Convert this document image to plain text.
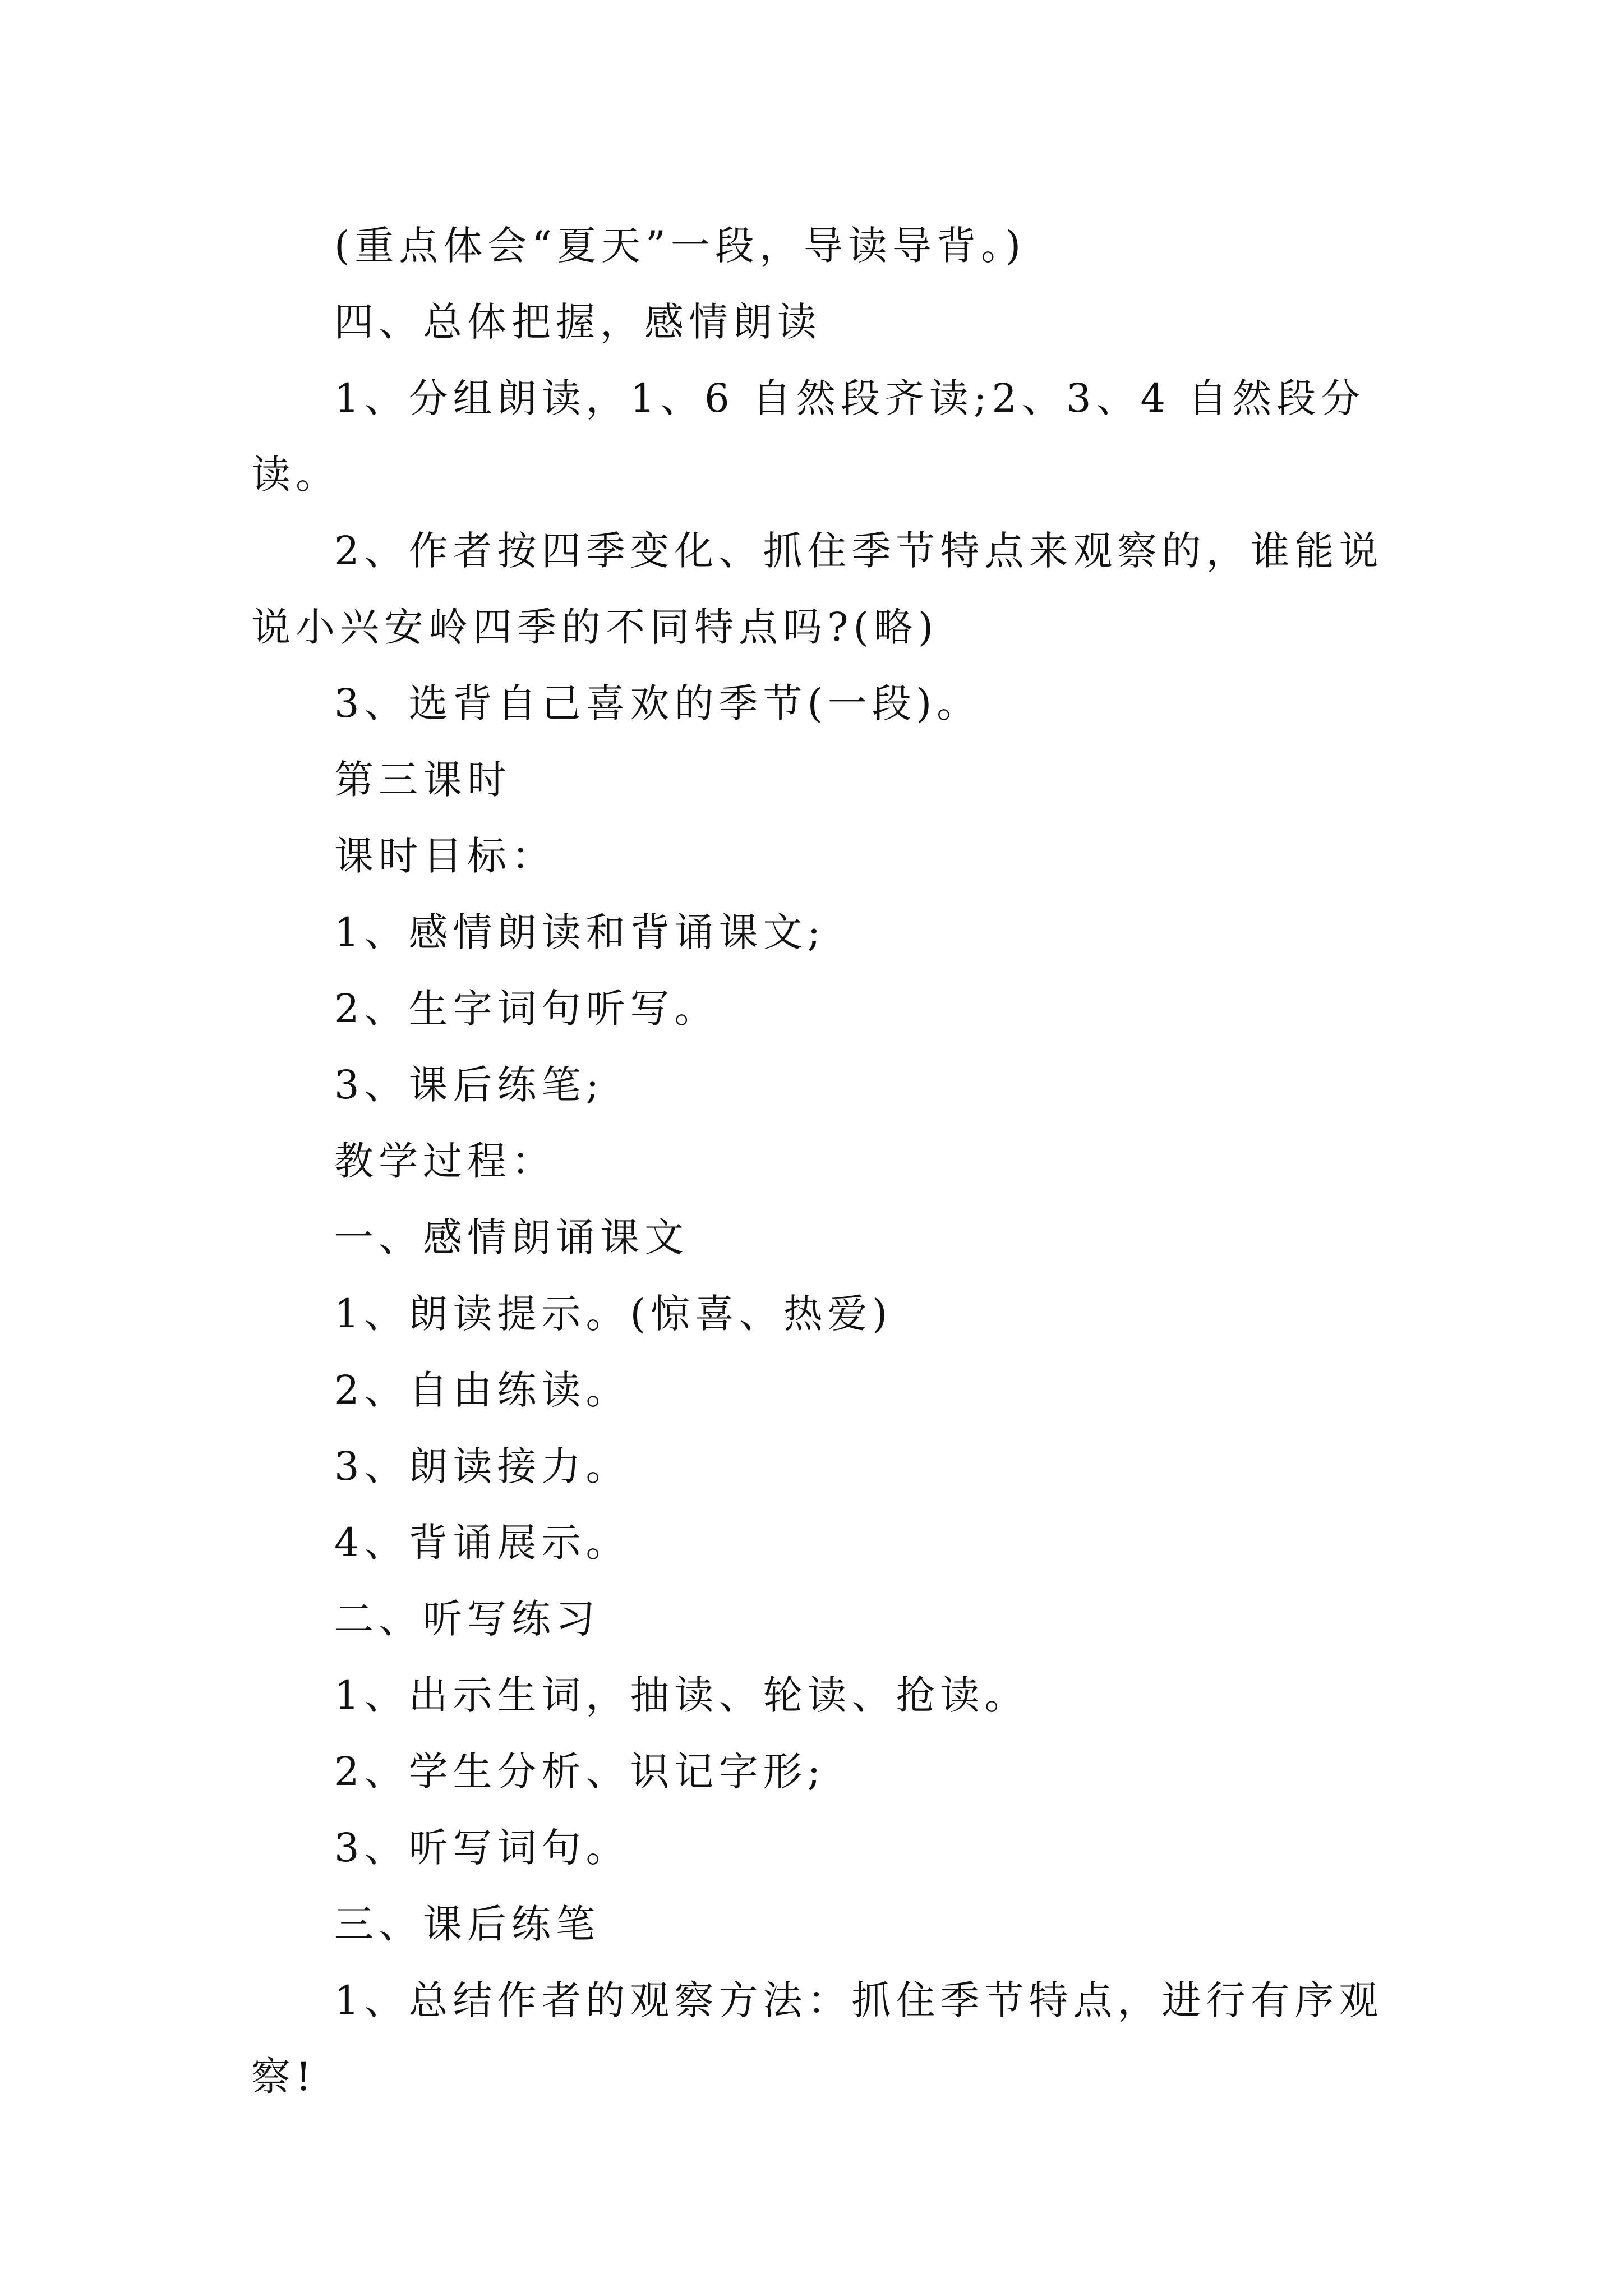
(重点体会“夏天”一段，导读导背。)

四、总体把握，感情朗读

1、分组朗读，1、6 自然段齐读;2、3、4 自然段分读。

2、作者按四季变化、抓住季节特点来观察的，谁能说说小兴安岭四季的不同特点吗?(略)

3、选背自己喜欢的季节(一段)。

第三课时

课时目标：

1、感情朗读和背诵课文;

2、生字词句听写。

3、课后练笔;

教学过程：

一、感情朗诵课文

1、朗读提示。(惊喜、热爱)

2、自由练读。

3、朗读接力。

4、背诵展示。

二、听写练习

1、出示生词，抽读、轮读、抢读。

2、学生分析、识记字形;

3、听写词句。

三、课后练笔

1、总结作者的观察方法：抓住季节特点，进行有序观察!
